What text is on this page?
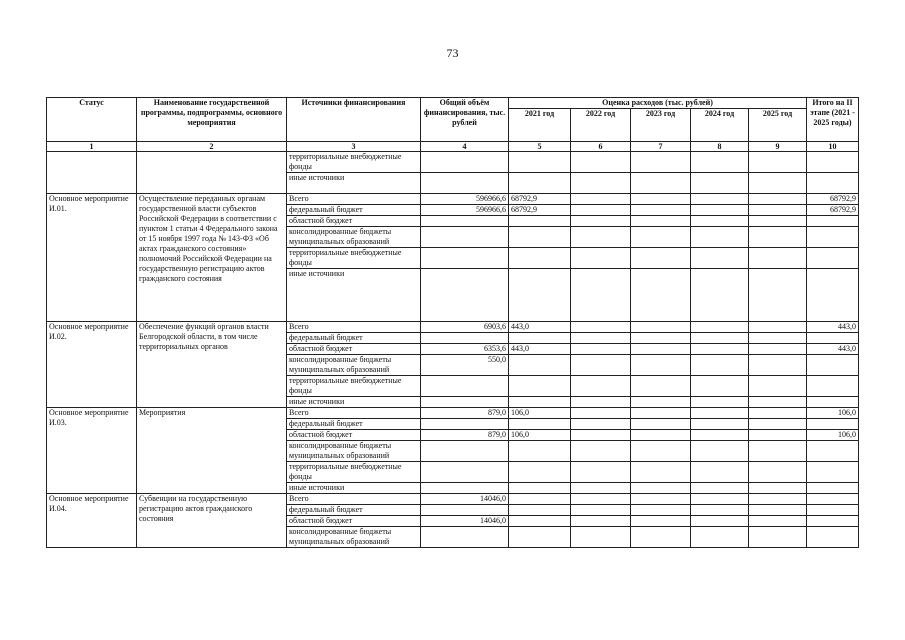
73
Статус	Наименование государственной программы, подпрограммы, основного мероприятия	Источники финансирования	Общий объём финансирования, тыс. рублей	Оценка расходов (тыс. рублей)					Итого на II этапе (2021 - 2025 годы)
				2021 год	2022 год	2023 год	2024 год	2025 год	
1	2	3	4	5	6	7	8	9	10
		территориальные внебюджетные фонды							
		иные источники							
Основное мероприятие И.01.	Осуществление переданных органам государственной власти субъектов Российской Федерации в соответствии с пунктом 1 статьи 4 Федерального закона от 15 ноября 1997 года № 143-ФЗ «Об актах гражданского состояния» полномочий Российской Федерации на государственную регистрацию актов гражданского состояния	Всего	596966,6	68792,9					68792,9
		федеральный бюджет	596966,6	68792,9					68792,9
		областной бюджет							
		консолидированные бюджеты муниципальных образований							
		территориальные внебюджетные фонды							
		иные источники							
Основное мероприятие И.02.	Обеспечение функций органов власти Белгородской области, в том числе территориальных органов	Всего	6903,6	443,0					443,0
		федеральный бюджет							
		областной бюджет	6353,6	443,0					443,0
		консолидированные бюджеты муниципальных образований	550,0						
		территориальные внебюджетные фонды							
		иные источники							
Основное мероприятие И.03.	Мероприятия	Всего	879,0	106,0					106,0
		федеральный бюджет							
		областной бюджет	879,0	106,0					106,0
		консолидированные бюджеты муниципальных образований							
		территориальные внебюджетные фонды							
		иные источники							
Основное мероприятие И.04.	Субвенции на государственную регистрацию актов гражданского состояния	Всего	14046,0						
		федеральный бюджет							
		областной бюджет	14046,0						
		консолидированные бюджеты муниципальных образований							
